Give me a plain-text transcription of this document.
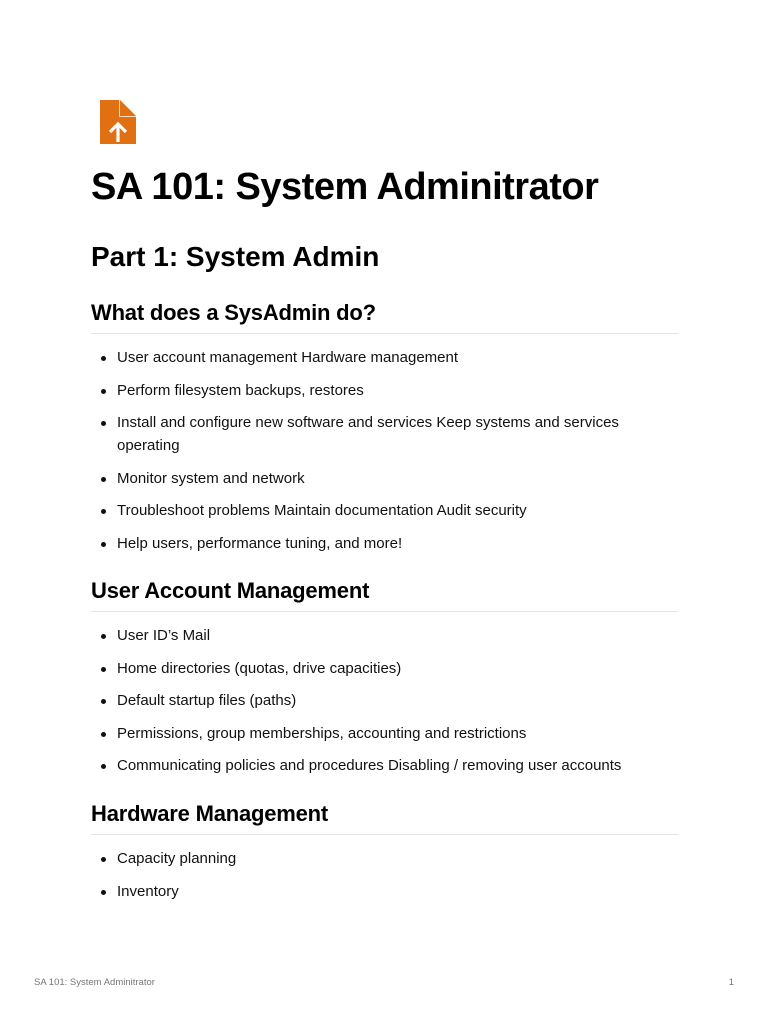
SA 101: System Adminitrator
Part 1: System Admin
What does a SysAdmin do?
User account management Hardware management
Perform filesystem backups, restores
Install and configure new software and services Keep systems and services operating
Monitor system and network
Troubleshoot problems Maintain documentation Audit security
Help users, performance tuning, and more!
User Account Management
User ID’s Mail
Home directories (quotas, drive capacities)
Default startup files (paths)
Permissions, group memberships, accounting and restrictions
Communicating policies and procedures Disabling / removing user accounts
Hardware Management
Capacity planning
Inventory
SA 101: System Adminitrator	1
